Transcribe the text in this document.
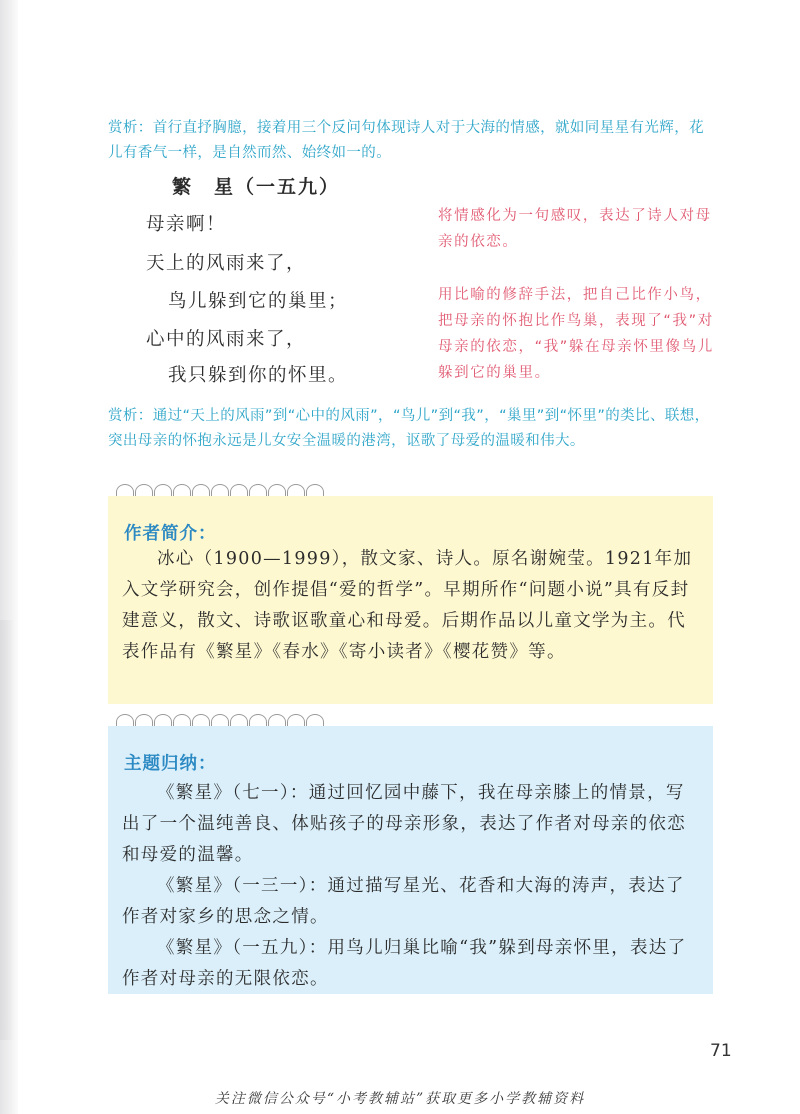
赏析：首行直抒胸臆，接着用三个反问句体现诗人对于大海的情感，就如同星星有光辉，花儿有香气一样，是自然而然、始终如一的。

繁　星（一五九）

母亲啊！

天上的风雨来了，

鸟儿躲到它的巢里；

心中的风雨来了，

我只躲到你的怀里。

将情感化为一句感叹，表达了诗人对母亲的依恋。

用比喻的修辞手法，把自己比作小鸟，把母亲的怀抱比作鸟巢，表现了“我”对母亲的依恋，“我”躲在母亲怀里像鸟儿躲到它的巢里。

赏析：通过“天上的风雨”到“心中的风雨”，“鸟儿”到“我”，“巢里”到“怀里”的类比、联想，突出母亲的怀抱永远是儿女安全温暖的港湾，讴歌了母爱的温暖和伟大。

作者简介：

冰心（1900—1999），散文家、诗人。原名谢婉莹。1921年加入文学研究会，创作提倡“爱的哲学”。早期所作“问题小说”具有反封建意义，散文、诗歌讴歌童心和母爱。后期作品以儿童文学为主。代表作品有《繁星》《春水》《寄小读者》《樱花赞》等。

主题归纳：

《繁星》（七一）：通过回忆园中藤下，我在母亲膝上的情景，写出了一个温纯善良、体贴孩子的母亲形象，表达了作者对母亲的依恋和母爱的温馨。

《繁星》（一三一）：通过描写星光、花香和大海的涛声，表达了作者对家乡的思念之情。

《繁星》（一五九）：用鸟儿归巢比喻“我”躲到母亲怀里，表达了作者对母亲的无限依恋。

71
关注微信公众号“小考教辅站”获取更多小学教辅资料
